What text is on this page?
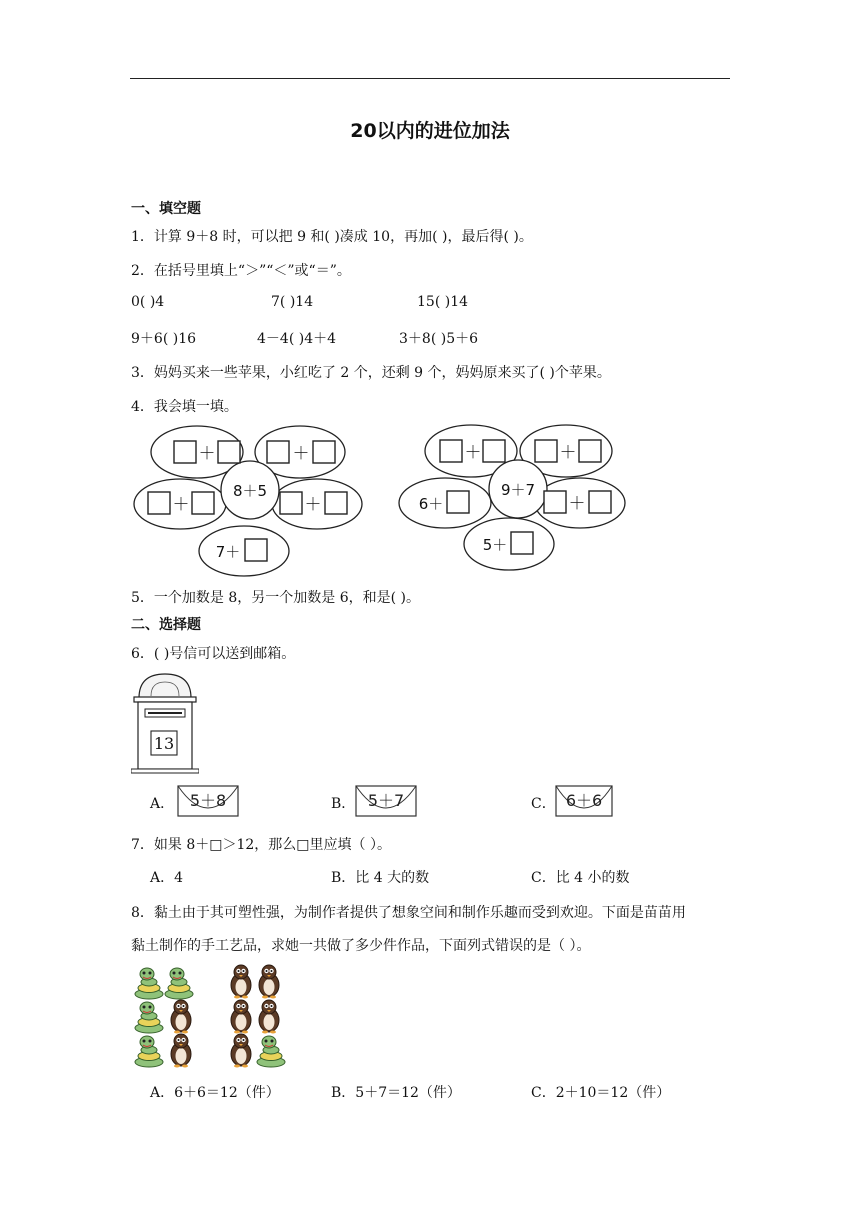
20以内的进位加法
一、填空题
1．计算 9＋8 时，可以把 9 和( )凑成 10，再加( )，最后得( )。
2．在括号里填上“＞”“＜”或“＝”。
0( )4	7( )14	15( )14
9＋6( )16	4－4( )4＋4	3＋8( )5＋6
3．妈妈买来一些苹果，小红吃了 2 个，还剩 9 个，妈妈原来买了( )个苹果。
4．我会填一填。
＋	＋
＋	＋
8＋5
7＋
＋	＋
＋
9＋7
6＋
5＋
5．一个加数是 8，另一个加数是 6，和是( )。
二、选择题
6．( )号信可以送到邮箱。
13
A． 5＋8	B． 5＋7	C． 6＋6
7．如果 8＋□＞12，那么□里应填（ ）。
A．4	B．比 4 大的数	C．比 4 小的数
8．黏土由于其可塑性强，为制作者提供了想象空间和制作乐趣而受到欢迎。下面是苗苗用
黏土制作的手工艺品，求她一共做了多少件作品，下面列式错误的是（ ）。
A．6＋6＝12（件）	B．5＋7＝12（件）	C．2＋10＝12（件）
